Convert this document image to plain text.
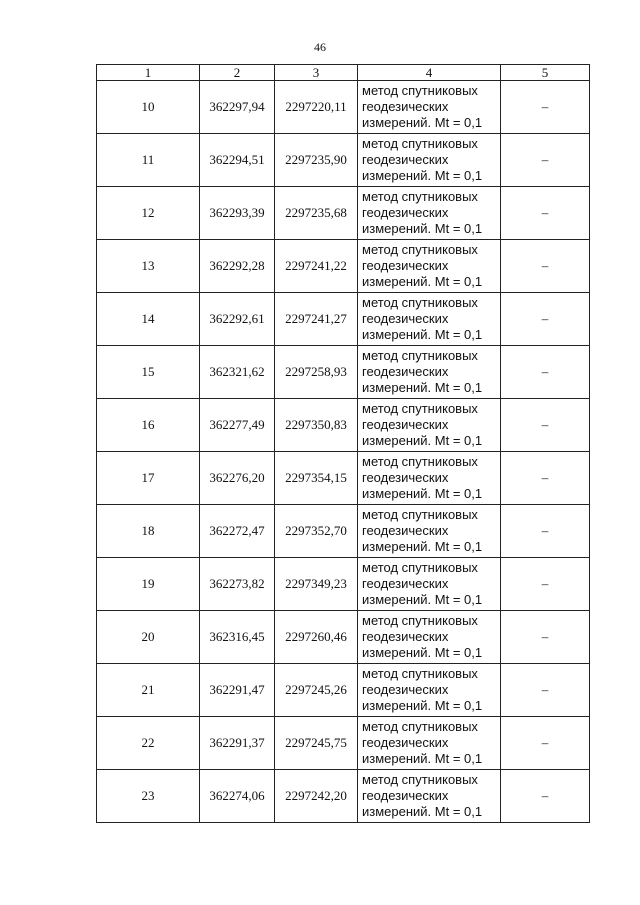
46
1	2	3	4	5
10	362297,94	2297220,11	метод спутниковых
геодезических
измерений. Mt = 0,1	–
11	362294,51	2297235,90	метод спутниковых
геодезических
измерений. Mt = 0,1	–
12	362293,39	2297235,68	метод спутниковых
геодезических
измерений. Mt = 0,1	–
13	362292,28	2297241,22	метод спутниковых
геодезических
измерений. Mt = 0,1	–
14	362292,61	2297241,27	метод спутниковых
геодезических
измерений. Mt = 0,1	–
15	362321,62	2297258,93	метод спутниковых
геодезических
измерений. Mt = 0,1	–
16	362277,49	2297350,83	метод спутниковых
геодезических
измерений. Mt = 0,1	–
17	362276,20	2297354,15	метод спутниковых
геодезических
измерений. Mt = 0,1	–
18	362272,47	2297352,70	метод спутниковых
геодезических
измерений. Mt = 0,1	–
19	362273,82	2297349,23	метод спутниковых
геодезических
измерений. Mt = 0,1	–
20	362316,45	2297260,46	метод спутниковых
геодезических
измерений. Mt = 0,1	–
21	362291,47	2297245,26	метод спутниковых
геодезических
измерений. Mt = 0,1	–
22	362291,37	2297245,75	метод спутниковых
геодезических
измерений. Mt = 0,1	–
23	362274,06	2297242,20	метод спутниковых
геодезических
измерений. Mt = 0,1	–
